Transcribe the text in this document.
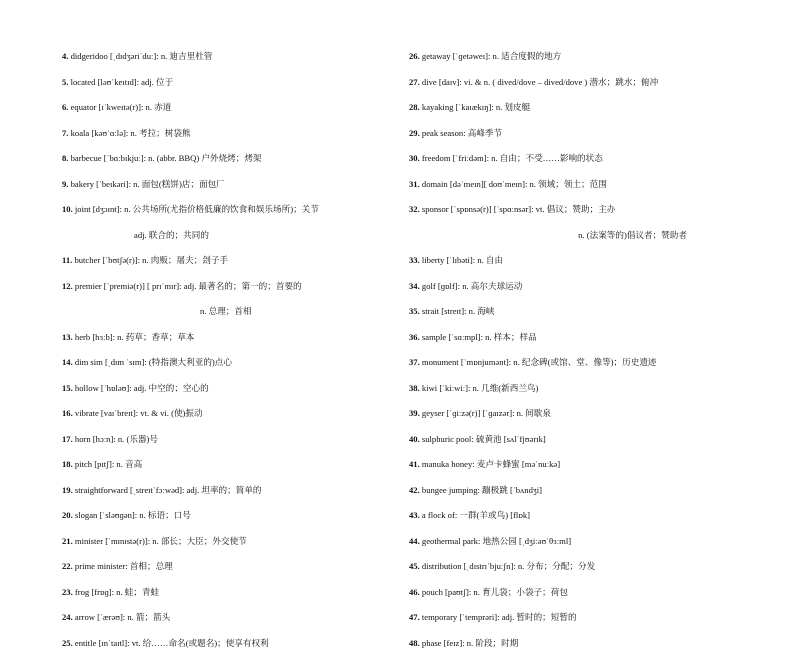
4. didgeridoo [ˌdɪdʒəriˈduː]: n. 迪吉里杜管
5. located [ləʊˈkeɪtɪd]: adj. 位于
6. equator [ɪˈkweɪtə(r)]: n. 赤道
7. koala [kəʊˈɑːlə]: n. 考拉；树袋熊
8. barbecue [ˈbɑːbɪkjuː]: n. (abbr. BBQ) 户外烧烤；烤架
9. bakery [ˈbeɪkəri]: n. 面包(糕饼)店；面包厂
10. joint [dʒɔɪnt]: n. 公共场所(尤指价格低廉的饮食和娱乐场所)；关节
adj. 联合的；共同的
11. butcher [ˈbʊtʃə(r)]: n. 肉贩；屠夫；刽子手
12. premier [ˈpremiə(r)] [ prɪˈmɪr]: adj. 最著名的；第一的；首要的
n. 总理；首相
13. herb [hɜːb]: n. 药草；香草；草本
14. dim sim [ˌdɪm ˈsɪm]: (特指澳大利亚的)点心
15. hollow [ˈhɒləʊ]: adj. 中空的；空心的
16. vibrate [vaɪˈbreɪt]: vt. & vi. (使)振动
17. horn [hɔːn]: n. (乐器)号
18. pitch [pɪtʃ]: n. 音高
19. straightforward [ˌstreɪtˈfɔːwəd]: adj. 坦率的；简单的
20. slogan [ˈsləʊɡən]: n. 标语；口号
21. minister [ˈmɪnɪstə(r)]: n. 部长；大臣；外交使节
22. prime minister: 首相；总理
23. frog [frɒɡ]: n. 蛙；青蛙
24. arrow [ˈærəʊ]: n. 箭；箭头
25. entitle [ɪnˈtaɪtl]: vt. 给……命名(或题名)；使享有权利
26. getaway [ˈɡetəweɪ]: n. 适合度假的地方
27. dive [daɪv]: vi. & n. ( dived/dove – dived/dove ) 潜水；跳水；俯冲
28. kayaking [ˈkaɪækɪŋ]: n. 划皮艇
29. peak season: 高峰季节
30. freedom [ˈfriːdəm]: n. 自由；不受……影响的状态
31. domain [dəˈmeɪn][ doʊˈmeɪn]: n. 领域；领土；范围
32. sponsor [ˈspɒnsə(r)] [ˈspɑːnsər]: vt. 倡议；赞助；主办
n. (法案等的)倡议者；赞助者
33. liberty [ˈlɪbəti]: n. 自由
34. golf [ɡɒlf]: n. 高尔夫球运动
35. strait [streɪt]: n. 海峡
36. sample [ˈsɑːmpl]: n. 样本；样品
37. monument [ˈmɒnjumənt]: n. 纪念碑(或馆、堂、像等)；历史遗迹
38. kiwi [ˈkiːwiː]: n. 几维(新西兰鸟)
39. geyser [ˈɡiːzə(r)] [ˈɡaɪzər]: n. 间歇泉
40. sulphuric pool: 硫黄池 [sʌlˈfjʊərɪk]
41. manuka honey: 麦卢卡蜂蜜 [məˈnuːkə]
42. bungee jumping: 蹦极跳 [ˈbʌndʒi]
43. a flock of: 一群(羊或鸟) [flɒk]
44. geothermal park: 地热公园 [ˌdʒiːəʊˈθɜːml]
45. distribution [ˌdɪstrɪˈbjuːʃn]: n. 分布；分配；分发
46. pouch [paʊtʃ]: n. 育儿袋；小袋子；荷包
47. temporary [ˈtemprəri]: adj. 暂时的；短暂的
48. phase [feɪz]: n. 阶段；时期
